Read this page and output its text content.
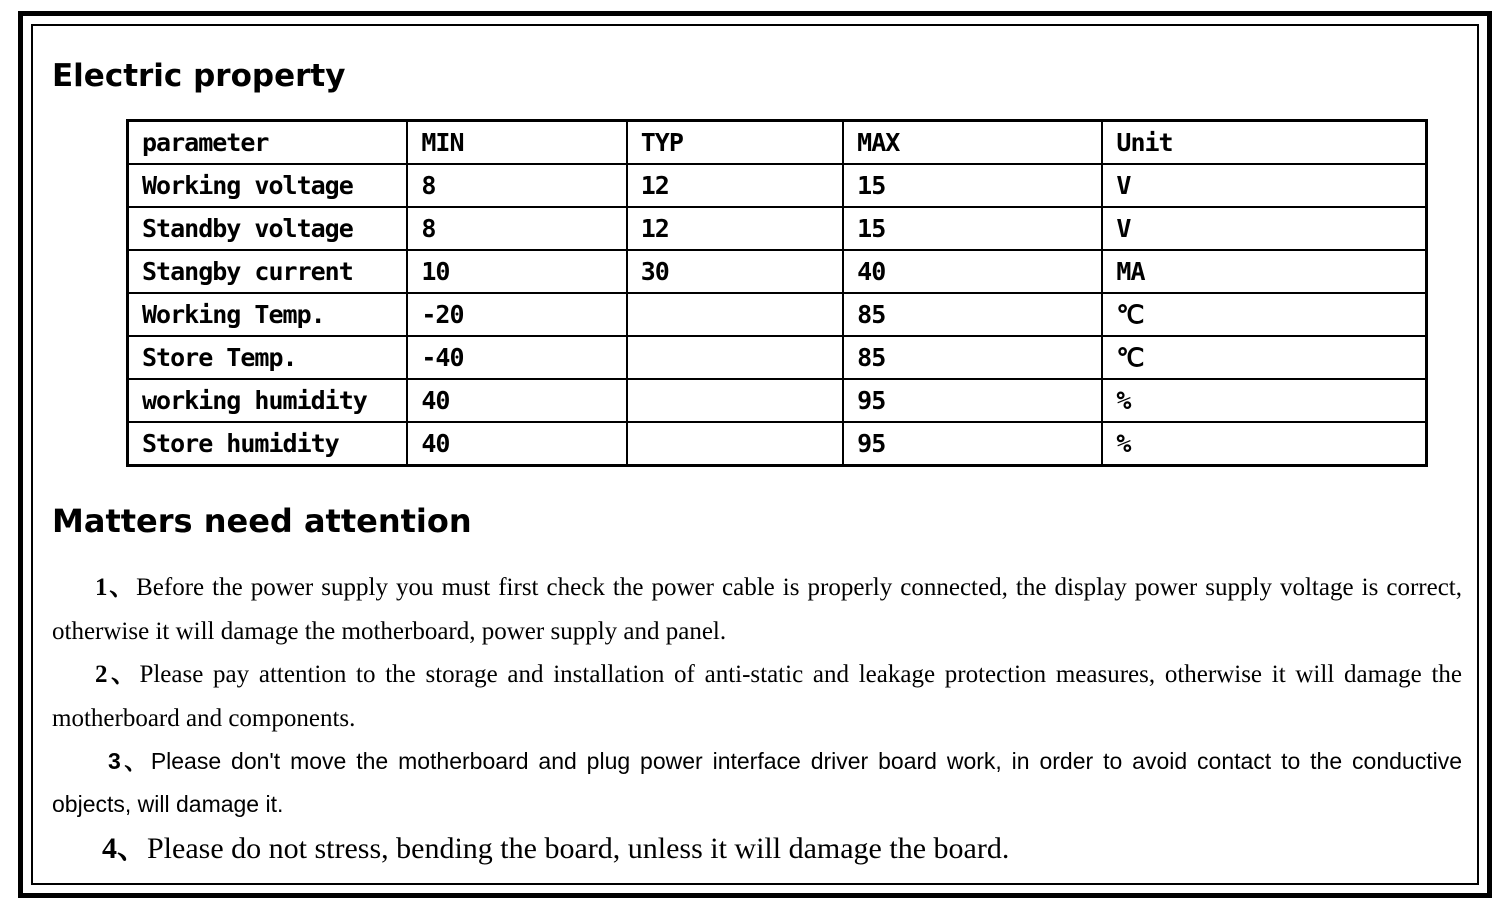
Electric property
parameter	MIN	TYP	MAX	Unit
Working voltage	8	12	15	V
Standby voltage	8	12	15	V
Stangby current	10	30	40	MA
Working Temp.	-20		85	℃
Store Temp.	-40		85	℃
working humidity	40		95	%
Store humidity	40		95	%
Matters need attention

1、Before the power supply you must first check the power cable is properly connected, the display power supply voltage is correct, otherwise it will damage the motherboard, power supply and panel.

2、Please pay attention to the storage and installation of anti-static and leakage protection measures, otherwise it will damage the motherboard and components.

3、Please don't move the motherboard and plug power interface driver board work, in order to avoid contact to the conductive objects, will damage it.

4、Please do not stress, bending the board, unless it will damage the board.
